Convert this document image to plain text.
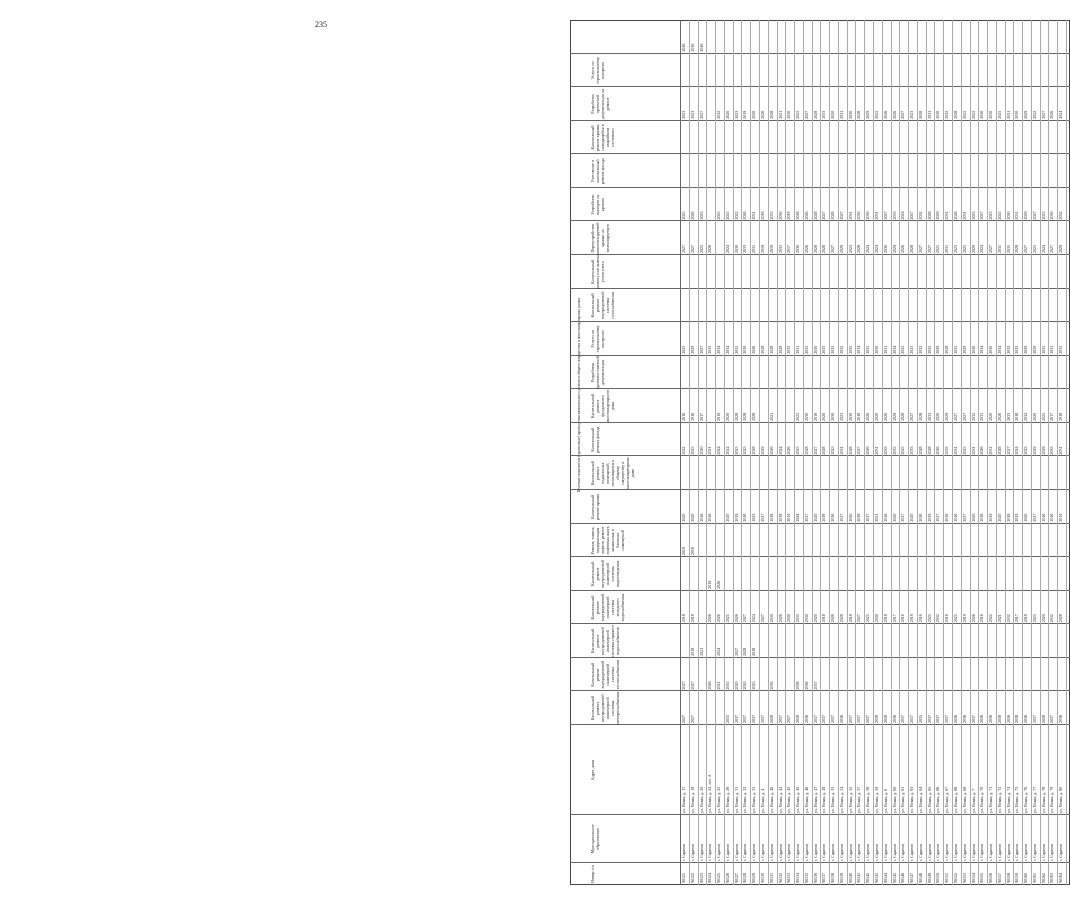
235
Целевые показатели (проектные) проведения капитального ремонта общего имущества в многоквартирных домах
Номер п/п
Муниципальное образование
Адрес дома
Капитальный ремонт внутридомовой инженерной системы электроснабжения
Капитальный ремонт внутридомовой инженерной системы теплоснабжения
Капитальный ремонт внутридомовой инженерной системы горячего водоснабжения
Капитальный ремонт внутридомовой инженерной системы холодного водоснабжения
Капитальный ремонт внутридомовой инженерной системы водоотведения
Ремонт, замена, модернизация лифтов, ремонт лифтовых шахт, машинных и блочных помещений
Капитальный ремонт крыши
Капитальный ремонт подвальных помещений, относящихся к общему имуществу в многоквартирном доме
Капитальный ремонт фасада
Капитальный ремонт фундамента многоквартирного дома
Разработка проектно-сметной документации
Услуги по строительному контролю
Капитальный ремонт внутридомовой системы газоснабжения
Капитальный ремонт или замена узлов учета
Переустройство невентилируемой крыши на вентилируемую
Устройство выходов на кровлю
Утепление и капитальный ремонт фасада
Капитальный ремонт крыши, находящейся в аварийном состоянии
Разработка проектной документации на ремонт
Услуги по строительному контролю
90121
г. Саратов
ул. Новая, д. 17
2027
2027
2018
2019
2020
2022
2016
2025
2027
2025
2023
2016
90122
г. Саратов
ул. Новая, д. 19
2027
2027
2019
2018
2018
2020
2025
2016
2029
2027
2026
2023
2016
90123
г. Саратов
ул. Новая, д. 20
2021
2016
2020
2017
2027
2023
2023
2027
2016
90124
г. Саратов
ул. Новая, д. 22, лит. А
2026
2026
2019
2016
2021
2033
2026
90125
г. Саратов
ул. Новая, д. 25
2021
2024
2026
2026
2024
2019
2034
2025
2032
90126
г. Саратов
ул. Новая, д. 26
2035
2035
2025
2020
2024
2020
2034
2024
2025
2020
90127
г. Саратов
ул. Новая, д. 31
2037
2020
2027
2026
2019
2025
2028
2035
2030
2022
2023
90128
г. Саратов
ул. Новая, д. 32
2037
2020
2028
2027
2018
2025
2028
2030
2033
2026
2019
90129
г. Саратов
ул. Новая, д. 33
2037
2025
2018
2024
2023
2028
2028
2026
2031
2031
2020
90130
г. Саратов
ул. Новая, д. 4
2037
2027
2017
2029
2028
2019
2018
2026
90131
г. Саратов
ул. Новая, д. 40
2038
2030
2030
2018
2026
2021
2028
2019
2033
2028
90132
г. Саратов
ул. Новая, д. 41
2037
2026
2018
2024
2028
2033
2030
2021
90133
г. Саратов
ул. Новая, д. 43
2027
2030
2019
2026
2033
2017
2019
2030
90134
г. Саратов
ул. Новая, д. 45
2038
2038
2033
2024
2025
2022
2031
2030
2018
2025
90135
г. Саратов
ул. Новая, д. 46
2036
2036
2030
2017
2028
2030
2035
2026
2026
2027
90136
г. Саратов
ул. Новая, д. 47
2037
2037
2020
2020
2027
2019
2030
2028
2028
2028
90137
г. Саратов
ул. Новая, д. 49
2037
2018
2018
2028
2020
2033
2028
2027
2033
90138
г. Саратов
ул. Новая, д. 53
2037
2026
2016
2025
2030
2025
2027
2028
2020
90139
г. Саратов
ул. Новая, д. 54
2036
2028
2017
2031
2023
2032
2029
2027
2031
90140
г. Саратов
ул. Новая, д. 55
2037
2018
2020
2028
2030
2035
2023
2031
2030
90141
г. Саратов
ул. Новая, д. 57
2037
2027
2018
2027
2018
2034
2028
2030
2028
90142
г. Саратов
ул. Новая, д. 58
2037
2025
2017
2026
2020
2035
2024
2030
2029
90143
г. Саратов
ул. Новая, д. 59
2038
2030
2021
2031
2020
2030
2024
2031
2025
90144
г. Саратов
ул. Новая, д. 6
2038
2018
2016
2033
2020
2031
2030
2027
2026
90145
г. Саратов
ул. Новая, д. 60
2036
2017
2020
2033
2029
2034
2029
2033
2026
90146
г. Саратов
ул. Новая, д. 61
2037
2016
2017
2025
2028
2025
2026
2024
2027
90147
г. Саратов
ул. Новая, д. 63
2037
2019
2020
2033
2027
2025
2028
2027
2023
90148
г. Саратов
ул. Новая, д. 64
2035
2016
2018
2028
2028
2032
2027
2032
2028
90149
г. Саратов
ул. Новая, д. 65
2037
2025
2019
2028
2033
2035
2027
2028
2031
90150
г. Саратов
ул. Новая, д. 66
2037
2032
2017
2026
2020
2029
2021
2029
2030
90151
г. Саратов
ул. Новая, д. 67
2037
2016
2016
2033
2029
2028
2031
2031
2032
90152
г. Саратов
ул. Новая, д. 68
2036
2025
2016
2031
2027
2035
2023
2028
2028
90153
г. Саратов
ул. Новая, д. 69
2036
2019
2017
2025
2027
2029
2025
2031
2025
90154
г. Саратов
ул. Новая, д. 7
2037
2026
2020
2031
2032
2030
2029
2023
2022
90155
г. Саратов
ул. Новая, д. 70
2036
2016
2018
2026
2033
2034
2024
2027
2030
90156
г. Саратов
ул. Новая, д. 71
2036
2022
2019
2031
2020
2030
2027
2023
2030
90157
г. Саратов
ул. Новая, д. 72
2038
2021
2020
2028
2026
2034
2031
2025
2025
90158
г. Саратов
ул. Новая, д. 74
2036
2032
2018
2027
2033
2033
2031
2030
2031
90159
г. Саратов
ул. Новая, д. 75
2038
2017
2019
2024
2018
2025
2028
2031
2030
90160
г. Саратов
ул. Новая, д. 76
2036
2018
2020
2025
2032
2029
2027
2029
2029
90161
г. Саратов
ул. Новая, д. 77
2037
2025
2017
2029
2020
2029
2025
2027
2022
90162
г. Саратов
ул. Новая, д. 78
2038
2020
2016
2029
2025
2035
2024
2023
2027
90163
г. Саратов
ул. Новая, д. 79
2037
2032
2016
2033
2017
2031
2027
2030
2026
90164
г. Саратов
ул. Новая, д. 80
2036
2028
2019
2031
2018
2035
2029
2032
2024
